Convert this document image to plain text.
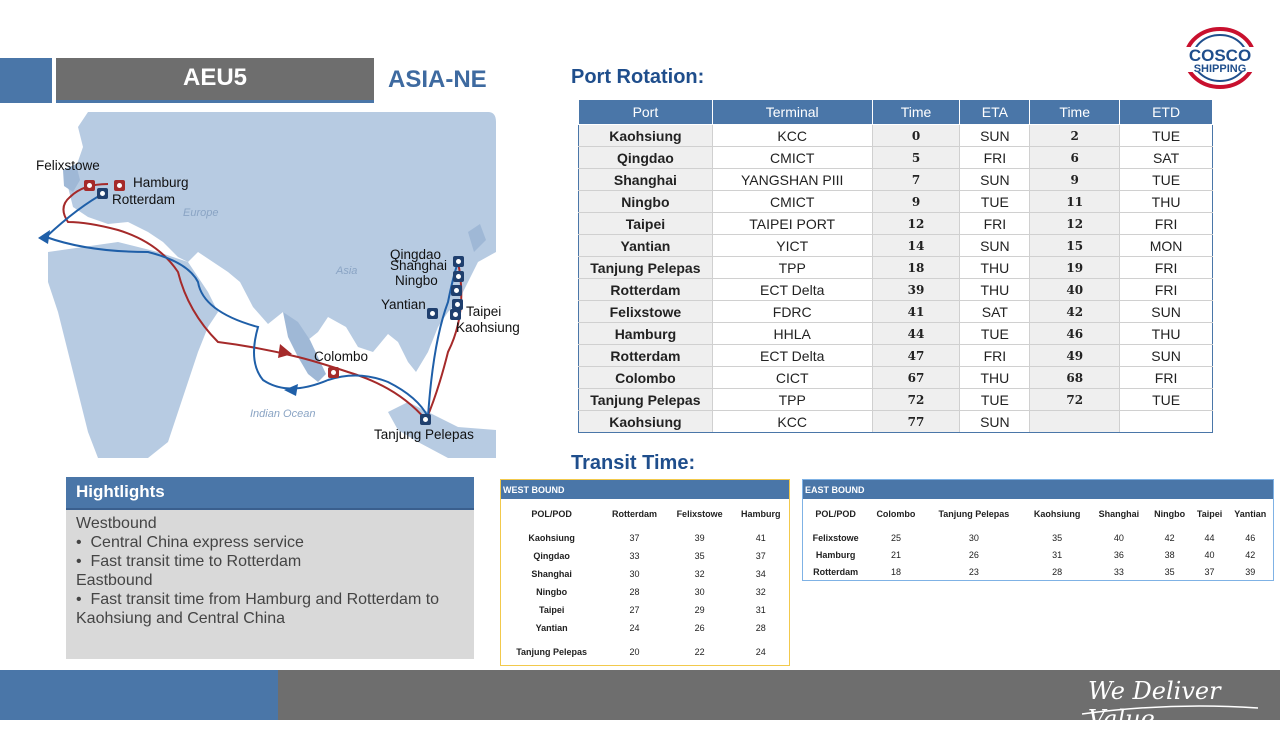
AEU5	ASIA-NE
COSCO
SHIPPING
Felixstowe
Hamburg
Rotterdam
Qingdao
Shanghai
Ningbo
Yantian	Taipei
Kaohsiung
Colombo
Tanjung Pelepas
Europe
Asia
Indian Ocean
Port Rotation:
Port	Terminal	Time	ETA	Time	ETD
Kaohsiung	KCC	0	SUN	2	TUE
Qingdao	CMICT	5	FRI	6	SAT
Shanghai	YANGSHAN PIII	7	SUN	9	TUE
Ningbo	CMICT	9	TUE	11	THU
Taipei	TAIPEI PORT	12	FRI	12	FRI
Yantian	YICT	14	SUN	15	MON
Tanjung Pelepas	TPP	18	THU	19	FRI
Rotterdam	ECT Delta	39	THU	40	FRI
Felixstowe	FDRC	41	SAT	42	SUN
Hamburg	HHLA	44	TUE	46	THU
Rotterdam	ECT Delta	47	FRI	49	SUN
Colombo	CICT	67	THU	68	FRI
Tanjung Pelepas	TPP	72	TUE	72	TUE
Kaohsiung	KCC	77	SUN		
Hightlights
Westbound
•  Central China express service
•  Fast transit time to Rotterdam
Eastbound
•  Fast transit time from Hamburg and Rotterdam to Kaohsiung and Central China
Transit Time:
WEST BOUND
POL/POD	Rotterdam	Felixstowe	Hamburg
Kaohsiung	37	39	41
Qingdao	33	35	37
Shanghai	30	32	34
Ningbo	28	30	32
Taipei	27	29	31
Yantian	24	26	28
Tanjung Pelepas	20	22	24
EAST BOUND
POL/POD	Colombo	Tanjung Pelepas	Kaohsiung	Shanghai	Ningbo	Taipei	Yantian
Felixstowe	25	30	35	40	42	44	46
Hamburg	21	26	31	36	38	40	42
Rotterdam	18	23	28	33	35	37	39
We Deliver Value
